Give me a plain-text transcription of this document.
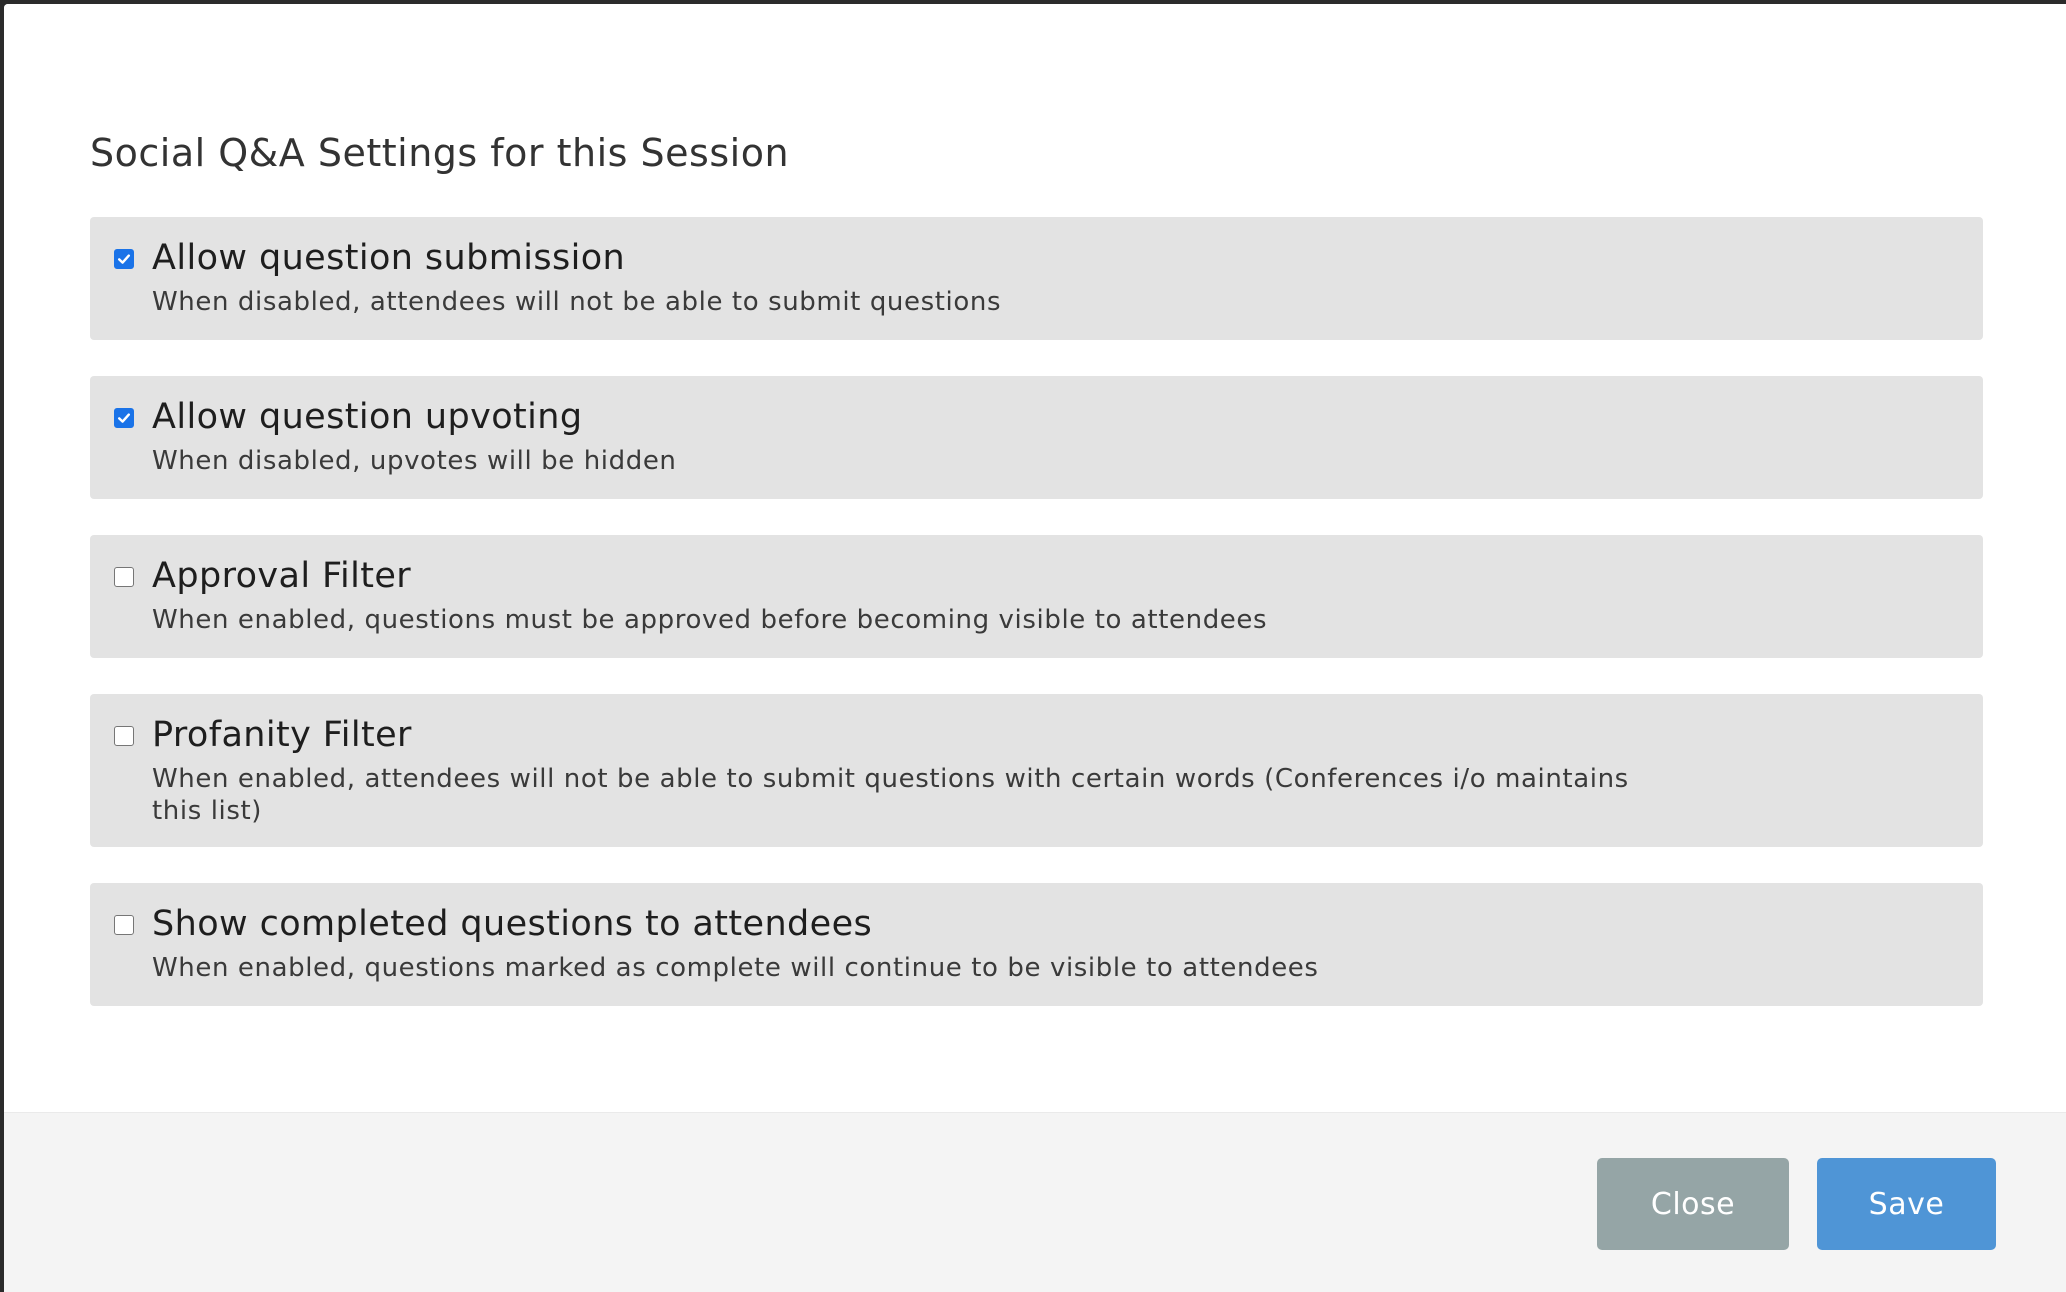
Social Q&A Settings for this Session
Allow question submission
When disabled, attendees will not be able to submit questions
Allow question upvoting
When disabled, upvotes will be hidden
Approval Filter
When enabled, questions must be approved before becoming visible to attendees
Profanity Filter
When enabled, attendees will not be able to submit questions with certain words (Conferences i/o maintains this list)
Show completed questions to attendees
When enabled, questions marked as complete will continue to be visible to attendees
Close	Save
